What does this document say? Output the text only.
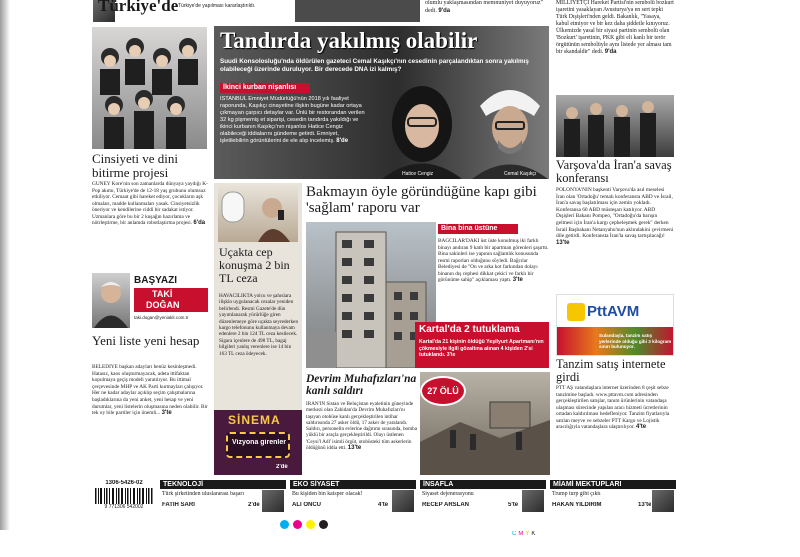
Türkiye'de Türkiye'de yapılması kararlaştırıldı.	olumlu yaklaşmasından memnuniyet duyuyoruz" dedi. 9'da
MİLLİYETÇİ Hareket Partisi'nin sembolü bozkurt işaretini yasaklayan Avusturya'ya en sert tepki Türk Dışişleri'nden geldi. Bakanlık, "Yasaya, kabul etmiyor ve bir kez daha şiddetle kınıyoruz. Ülkemizde yasal bir siyasi partinin sembolü olan 'Bozkurt' işaretinin, PKK gibi eli kanlı bir terör örgütünün sembolüyle aynı listede yer alması tam bir skandaldir" dedi. 9'da
Tandırda yakılmış olabilir
Suudi Konsolosluğu'nda öldürülen gazeteci Cemal Kaşıkçı'nın cesedinin parçalandıktan sonra yakılmış olabileceği üzerinde duruluyor. Bir derecede DNA izi kalmış?
İkinci kurban nişanlısı
İSTANBUL Emniyet Müdürlüğü'nün 2018 yılı faaliyet raporunda, Kaşıkçı cinayetine ilişkin bugüne kadar ortaya çıkmayan çarpıcı detaylar var. Ünlü bir restorandan verilen 32 kg pişmemiş et siparişi, cesedin tandırda yakıldığı ve ikinci kurbanın Kaşıkçı'nın nişanlısı Hatice Cengiz olabileceği iddialarını gündeme getirdi. Emniyet, işletilebilirin görüntülerini de ele alıp incelemiş. 8'de
Hatice Cengiz	Cemal Kaşıkçı
Varşova'da İran'a savaş konferansı
POLONYA'NIN başkenti Varşova'da asıl meselesi İran olan 'Ortadoğu' temalı konferansta ABD ve İsrail, İran'a savaş başlatılması için zemin yokladı. Konferansa 60 ABD müsteşarı katılıyor. ABD Dışişleri Bakanı Pompeo, "Ortadoğu'da barışın gelmesi için İran'a kargı çepheleşmek gerek" derken İsrail Başbakanı Netanyahu'nun aklındakini çevirmeni dile getirdi. Konferansta İran'la savaş tartışılacağı! 13'te
Cinsiyeti ve dini bitirme projesi
GÜNEY Kore'nin son zamanlarda dünyaya yaydığı K-Pop akımı, Türkiye'de de 12-18 yaş grubunu olumsuz etkiliyor. Cemaat gibi hareket ediyor, çocukların aşk olmaları, madde kullanmaları yasak. Cinsiyetsizlik öneriyor ve kendilerine ciddi bir sadakat istiyor. Uzmanlara göre bu bir 2 kuşağın hazırlama ve nötrleştirme, bir anlamda robotlaştırma projesi. 6'da
BAŞYAZI
TAKİ
DOĞAN
taki.dogan@yeniakit.com.tr
Yeni liste yeni hesap
BELEDİYE başkan adayları henüz kesinleşmedi. Hatasız, kaos oluşturmayacak, adeta ittifaktan kopulmaya geçiş modeli yaratılıyor. Bu ittimal çerçevesinde MHP ve AK Parti kurmayları çalışıyor. Her ne kadar adaylar açıklıp seçim çalışmalarına başladıklarına da yeni anket, yeni hesap ve yeni durumlar, yeni listelerin oluşmasına neden olabilir. Bir tek oy bile partiler için önemli... 3'te
Uçakta cep konuşma 2 bin TL ceza
HAVACILIKTA yolcu ve şahıslara ilişkin uygulanacak cezalar yeniden belirlendi. Resmi Gazete'de dün yayımlanarak yürürlüğe giren düzenlemeye göre uçakta seyrederken kargo telefonunu kullanmaya devam edenlere 2 bin 124 TL ceza kesilecek. Sigara içenlere de 498 TL, bagaj bilgileri yanlış verenlere ise 14 bin 163 TL ceza ödeyecek.
SİNEMA
Vizyona girenler
2'de
Bakmayın öyle göründüğüne kapı gibi 'sağlam' raporu var
Bina bina üstüne
BAĞCILAR'DAKİ üst üste konulmuş iki farklı binayı andıran 9 katlı bir apartman görenleri şaşırttı. Bina sakinleri ise yapının sağlamlık konusunda resmi raporları olduğunu söyledi. Bağcılar Belediyesi de "On ve arka kot farkından dolayı binanın dış cephesi dikkat çekici ve farklı bir görünüme sahip" açıklaması yaptı. 3'te
Kartal'da 2 tutuklama
Kartal'da 21 kişinin öldüğü Yeşilyurt Apartmanı'nın çökmesiyle ilgili gözaltına alınan 4 kişiden 2'si tutuklandı. 3'te
Devrim Muhafızları'na kanlı saldırı	27 ÖLÜ
İRAN'IN Sistan ve Beluçistan eyaletinin güneyinde merkezi olan Zahidan'da Devrim Muhafızları'nı taşıyan otobüse kanlı gerçekleştirilen intihar saldırısında 27 asker öldü, 17 asker de yaralandı. Saldırı, personelin evlerine dağıtımı sırasında, bomba yüklü bir araçla gerçekleştirildi. Olayı üstlenen 'Ceysi'l Adl' isimli örgüt, otobüsteki tüm askerlerin öldüğünü iddia etti. 13'te
PttAVM
Sulandaşla, tanzim satış yerlerinde olduğu gibi 3 kilogram sınırı bulunuyor.
Tanzim satış internete girdi
PTT AŞ vatandaşlara internet üzerinden 8 çeşit sebze tanzimine başladı. www.pttavm.com adresinden gerçekleştirilen satışlar, tanım ürünlerinin vatandaşa ulaşması sürecinde yapılan aracı hizmeti ücretlerinin ortadan kaldırılması hedefleniyor. Tanzim fiyatlarıyla satılan meyve ve sebzeler PTT Kargo ve Lojistik aracılığıyla vatandaşlara ulaştırılıyor. 4'te
1306-5426-02
9 771306 542002
TEKNOLOJİ
Türk şirketinden uluslararası başarı
FATİH SARI	2'de
EKO SİYASET
Bu kişiden bin kaisper olacak!
ALİ ÖNCÜ	4'te
İNSAFLA
Siyaset dejenerasyonu
RECEP ARSLAN	5'te
MİAMİ MEKTUPLARI
Trump turp gibi çıktı
HAKAN YILDIRIM	13'te
CMYK
